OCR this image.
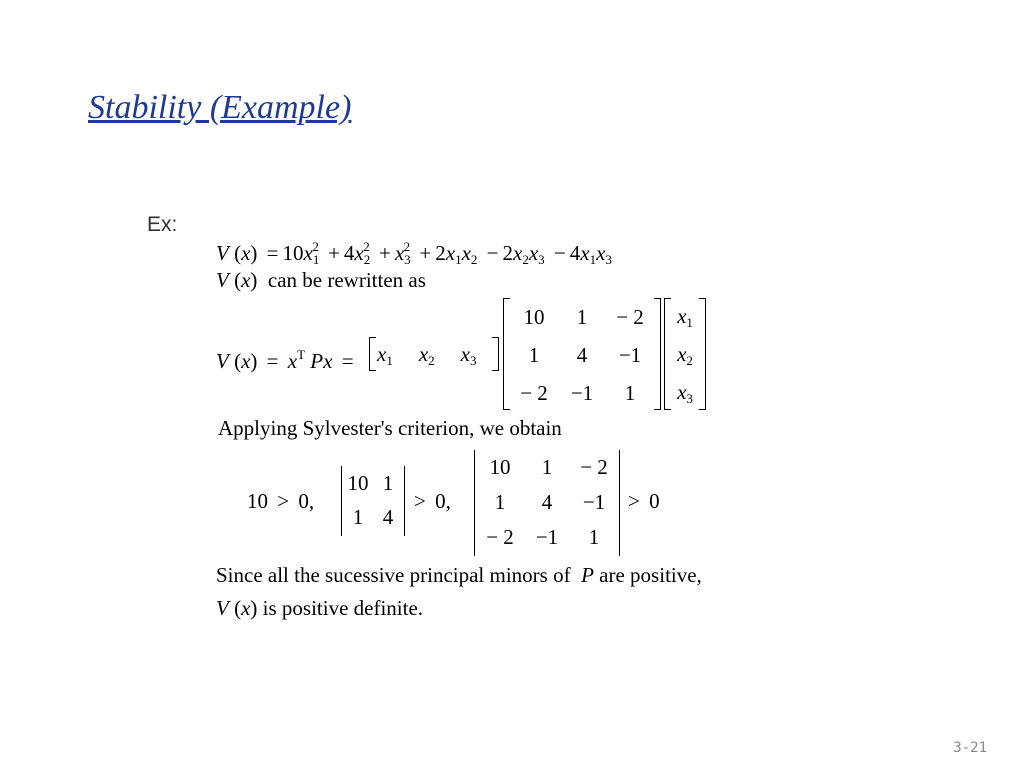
Stability (Example)
Ex:
V $(x) = 10x_1^2 + 4x_2^2 + x_3^2 + 2x_1x_2 - 2x_2x_3 - 4x_1x_3$
V (x)  can be rewritten as
V $(x) = x^T$ $Px = x_1$ $x_2$ $x_3$
10	1	− 2
1	4	−1
− 2	−1	1
$x_1$
$x_2$
$x_3$
Applying Sylvester's criterion, we obtain
10 > 0,
10	1
1	4
> 0,
10	1	− 2
1	4	−1
− 2	−1	1
> 0
Since all the sucessive principal minors of P are positive,
V (x) is positive definite.
3-21
